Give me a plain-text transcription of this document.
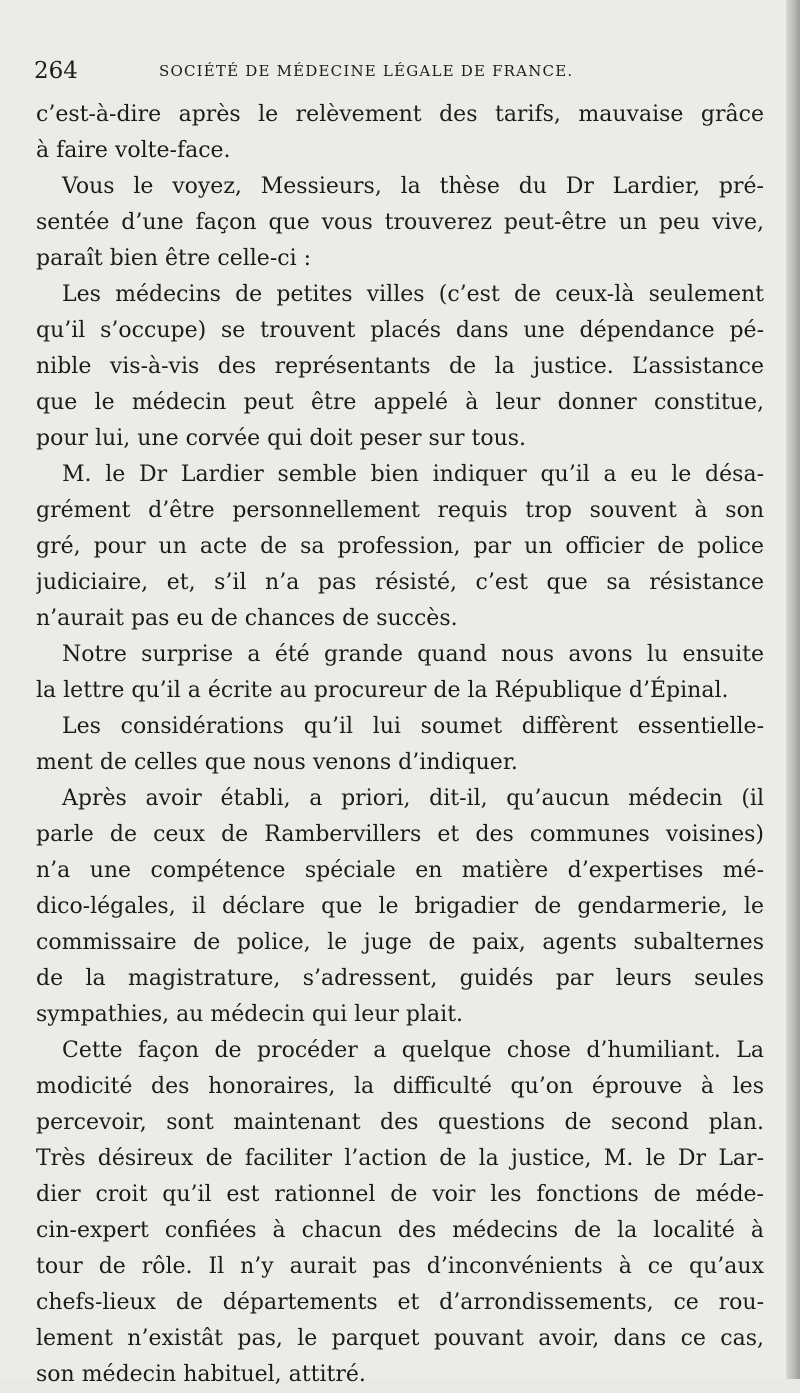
264	SOCIÉTÉ DE MÉDECINE LÉGALE DE FRANCE.
c’est-à-dire après le relèvement des tarifs, mauvaise grâce
à faire volte-face.
Vous le voyez, Messieurs, la thèse du Dr Lardier, pré-
sentée d’une façon que vous trouverez peut-être un peu vive,
paraît bien être celle-ci :
Les médecins de petites villes (c’est de ceux-là seulement
qu’il s’occupe) se trouvent placés dans une dépendance pé-
nible vis-à-vis des représentants de la justice. L’assistance
que le médecin peut être appelé à leur donner constitue,
pour lui, une corvée qui doit peser sur tous.
M. le Dr Lardier semble bien indiquer qu’il a eu le désa-
grément d’être personnellement requis trop souvent à son
gré, pour un acte de sa profession, par un officier de police
judiciaire, et, s’il n’a pas résisté, c’est que sa résistance
n’aurait pas eu de chances de succès.
Notre surprise a été grande quand nous avons lu ensuite
la lettre qu’il a écrite au procureur de la République d’Épinal.
Les considérations qu’il lui soumet diffèrent essentielle-
ment de celles que nous venons d’indiquer.
Après avoir établi, a priori, dit-il, qu’aucun médecin (il
parle de ceux de Rambervillers et des communes voisines)
n’a une compétence spéciale en matière d’expertises mé-
dico-légales, il déclare que le brigadier de gendarmerie, le
commissaire de police, le juge de paix, agents subalternes
de la magistrature, s’adressent, guidés par leurs seules
sympathies, au médecin qui leur plait.
Cette façon de procéder a quelque chose d’humiliant. La
modicité des honoraires, la difficulté qu’on éprouve à les
percevoir, sont maintenant des questions de second plan.
Très désireux de faciliter l’action de la justice, M. le Dr Lar-
dier croit qu’il est rationnel de voir les fonctions de méde-
cin-expert confiées à chacun des médecins de la localité à
tour de rôle. Il n’y aurait pas d’inconvénients à ce qu’aux
chefs-lieux de départements et d’arrondissements, ce rou-
lement n’existât pas, le parquet pouvant avoir, dans ce cas,
son médecin habituel, attitré.
